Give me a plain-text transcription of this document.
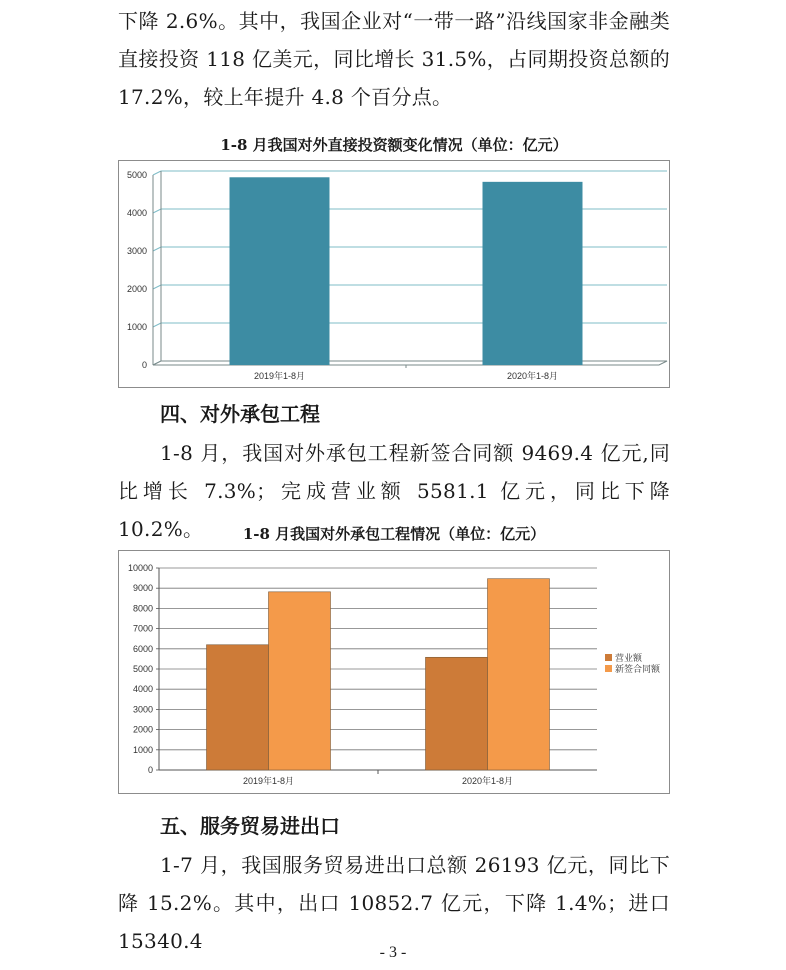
下降 2.6%。其中，我国企业对“一带一路”沿线国家非金融类直接投资 118 亿美元，同比增长 31.5%，占同期投资总额的 17.2%，较上年提升 4.8 个百分点。

1-8 月我国对外直接投资额变化情况（单位：亿元）
0
1000
2000
3000
4000
5000
2019年1-8月	2020年1-8月
四、对外承包工程

1-8 月，我国对外承包工程新签合同额 9469.4 亿元,同比增长 7.3%；完成营业额 5581.1 亿元，同比下降 10.2%。	1-8 月我国对外承包工程情况（单位：亿元）
0
1000
2000
3000
4000
5000
6000
7000
8000
9000
10000
2019年1-8月	2020年1-8月
营业额
新签合同额
五、服务贸易进出口

1-7 月，我国服务贸易进出口总额 26193 亿元，同比下降 15.2%。其中，出口 10852.7 亿元，下降 1.4%；进口 15340.4	- 3 -
